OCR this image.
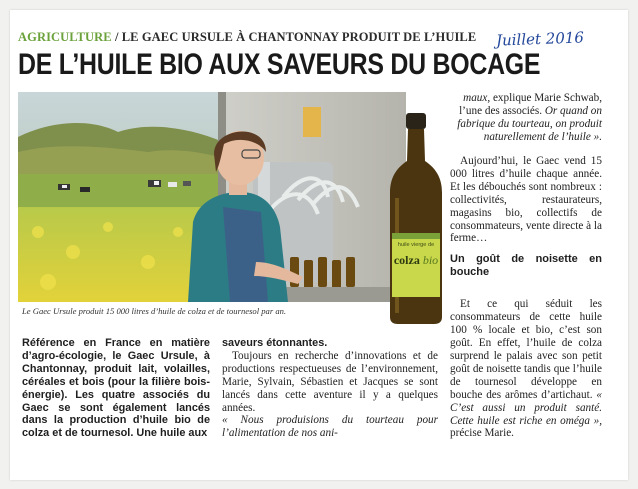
AGRICULTURE / LE GAEC URSULE À CHANTONNAY PRODUIT DE L’HUILE Juillet 2016
DE L’HUILE BIO AUX SAVEURS DU BOCAGE
Le Gaec Ursule produit 15 000 litres d’huile de colza et de tournesol par an.
huile vierge de
colza bio

maux, explique Marie Schwab, l’une des associés. Or quand on fabrique du tourteau, on produit naturellement de l’huile ».

Aujourd’hui, le Gaec vend 15 000 litres d’huile chaque année. Et les débouchés sont nombreux : collectivités, restaurateurs, magasins bio, collectifs de consommateurs, vente directe à la ferme…

Un goût de noisette en bouche

Et ce qui séduit les consommateurs de cette huile 100 % locale et bio, c’est son goût. En effet, l’huile de colza surprend le palais avec son petit goût de noisette tandis que l’huile de tournesol développe en bouche des arômes d’artichaut. « C’est aussi un produit santé. Cette huile est riche en oméga », précise Marie.

Référence en France en matière d’agro-écologie, le Gaec Ursule, à Chantonnay, produit lait, volailles, céréales et bois (pour la filière bois-énergie). Les quatre associés du Gaec se sont également lancés dans la production d’huile bio de colza et de tournesol. Une huile aux

saveurs étonnantes.

Toujours en recherche d’innovations et de productions respectueuses de l’environnement, Marie, Sylvain, Sébastien et Jacques se sont lancés dans cette aventure il y a quelques années.

« Nous produisions du tourteau pour l’alimentation de nos ani-
